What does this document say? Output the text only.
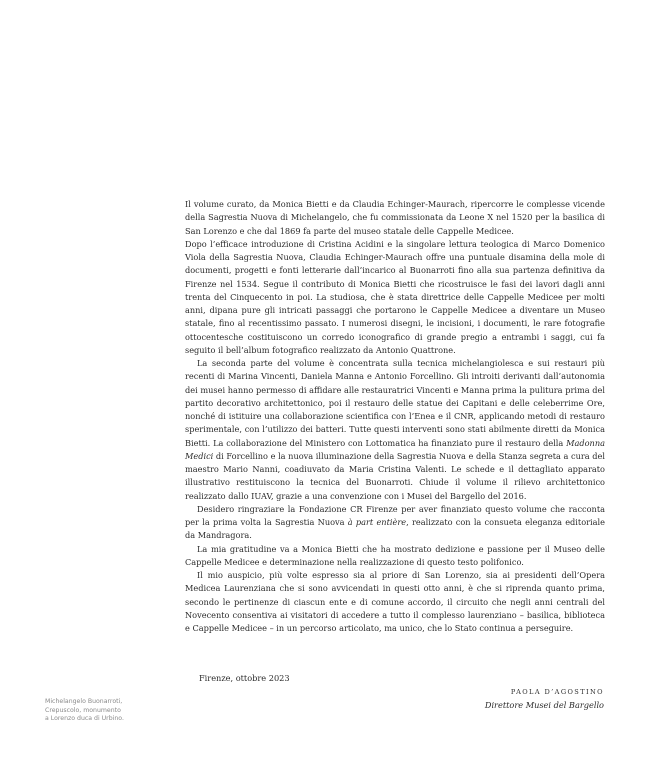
Il volume curato, da Monica Bietti e da Claudia Echinger-Maurach, ripercorre le complesse vicende della Sagrestia Nuova di Michelangelo, che fu commissionata da Leone X nel 1520 per la basilica di San Lorenzo e che dal 1869 fa parte del museo statale delle Cappelle Medicee.

Dopo l’efficace introduzione di Cristina Acidini e la singolare lettura teologica di Marco Domenico Viola della Sagrestia Nuova, Claudia Echinger-Maurach offre una puntuale disamina della mole di documenti, progetti e fonti letterarie dall’incarico al Buonarroti fino alla sua partenza definitiva da Firenze nel 1534. Segue il contributo di Monica Bietti che ricostruisce le fasi dei lavori dagli anni trenta del Cinquecento in poi. La studiosa, che è stata direttrice delle Cappelle Medicee per molti anni, dipana pure gli intricati passaggi che portarono le Cappelle Medicee a diventare un Museo statale, fino al recentissimo passato. I numerosi disegni, le incisioni, i documenti, le rare fotografie ottocentesche costituiscono un corredo iconografico di grande pregio a entrambi i saggi, cui fa seguito il bell’album fotografico realizzato da Antonio Quattrone.

La seconda parte del volume è concentrata sulla tecnica michelangiolesca e sui restauri più recenti di Marina Vincenti, Daniela Manna e Antonio Forcellino. Gli introiti derivanti dall’autonomia dei musei hanno permesso di affidare alle restauratrici Vincenti e Manna prima la pulitura prima del partito decorativo architettonico, poi il restauro delle statue dei Capitani e delle celeberrime Ore, nonché di istituire una collaborazione scientifica con l’Enea e il CNR, applicando metodi di restauro sperimentale, con l’utilizzo dei batteri. Tutte questi interventi sono stati abilmente diretti da Monica Bietti. La collaborazione del Ministero con Lottomatica ha finanziato pure il restauro della Madonna Medici di Forcellino e la nuova illuminazione della Sagrestia Nuova e della Stanza segreta a cura del maestro Mario Nanni, coadiuvato da Maria Cristina Valenti. Le schede e il dettagliato apparato illustrativo restituiscono la tecnica del Buonarroti. Chiude il volume il rilievo architettonico realizzato dallo IUAV, grazie a una convenzione con i Musei del Bargello del 2016.

Desidero ringraziare la Fondazione CR Firenze per aver finanziato questo volume che racconta per la prima volta la Sagrestia Nuova à part entière, realizzato con la consueta eleganza editoriale da Mandragora.

La mia gratitudine va a Monica Bietti che ha mostrato dedizione e passione per il Museo delle Cappelle Medicee e determinazione nella realizzazione di questo testo polifonico.

Il mio auspicio, più volte espresso sia al priore di San Lorenzo, sia ai presidenti dell’Opera Medicea Laurenziana che si sono avvicendati in questi otto anni, è che si riprenda quanto prima, secondo le pertinenze di ciascun ente e di comune accordo, il circuito che negli anni centrali del Novecento consentiva ai visitatori di accedere a tutto il complesso laurenziano – basilica, biblioteca e Cappelle Medicee – in un percorso articolato, ma unico, che lo Stato continua a perseguire.

Firenze, ottobre 2023
PAOLA D’AGOSTINO
Direttore Musei del Bargello
Michelangelo Buonarroti,
Crepuscolo, monumento
a Lorenzo duca di Urbino.
